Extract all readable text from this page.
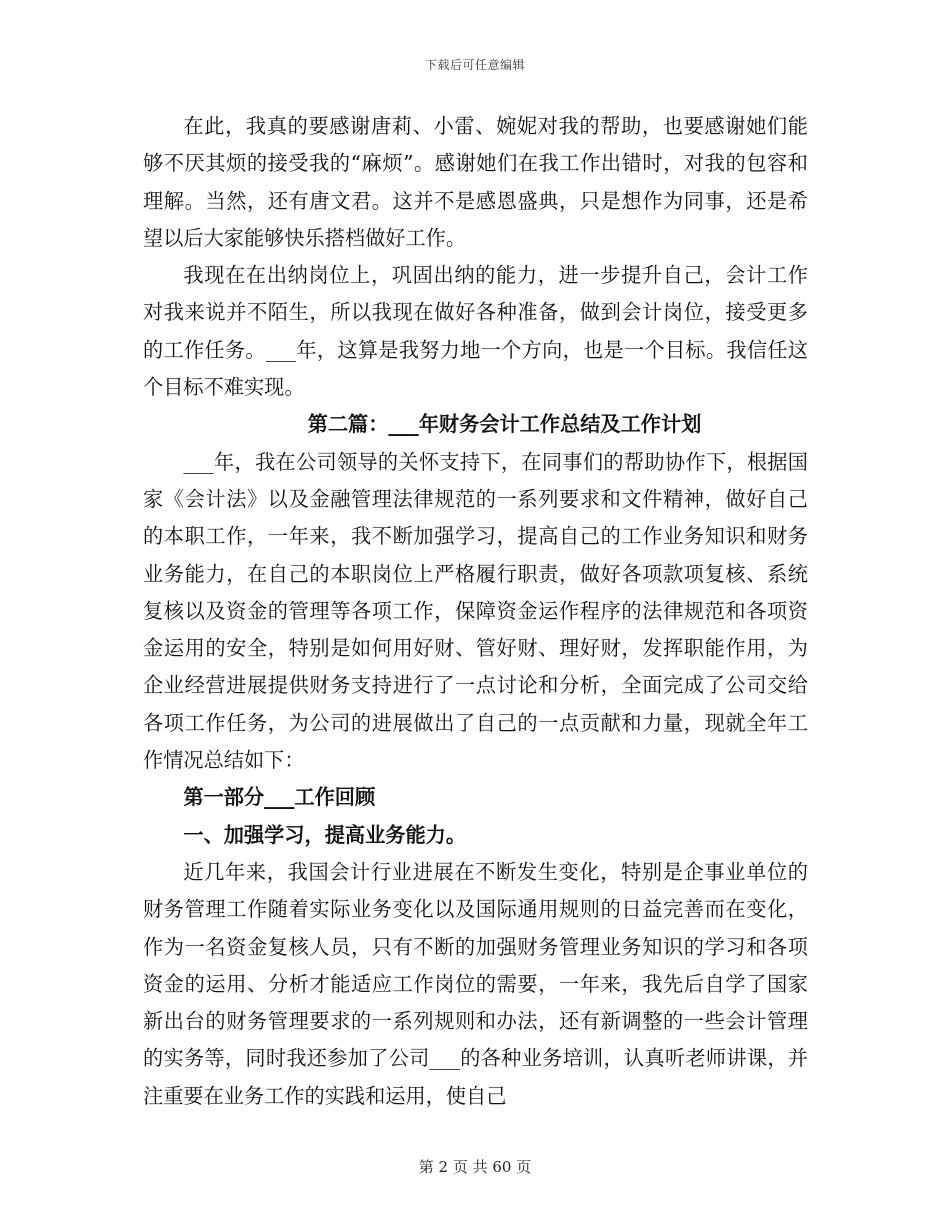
下载后可任意编辑

在此，我真的要感谢唐莉、小雷、婉妮对我的帮助，也要感谢她们能够不厌其烦的接受我的“麻烦”。感谢她们在我工作出错时，对我的包容和理解。当然，还有唐文君。这并不是感恩盛典，只是想作为同事，还是希望以后大家能够快乐搭档做好工作。

我现在在出纳岗位上，巩固出纳的能力，进一步提升自己，会计工作对我来说并不陌生，所以我现在做好各种准备，做到会计岗位，接受更多的工作任务。___年，这算是我努力地一个方向，也是一个目标。我信任这个目标不难实现。

第二篇：___年财务会计工作总结及工作计划

___年，我在公司领导的关怀支持下，在同事们的帮助协作下，根据国家《会计法》以及金融管理法律规范的一系列要求和文件精神，做好自己的本职工作，一年来，我不断加强学习，提高自己的工作业务知识和财务业务能力，在自己的本职岗位上严格履行职责，做好各项款项复核、系统复核以及资金的管理等各项工作，保障资金运作程序的法律规范和各项资金运用的安全，特别是如何用好财、管好财、理好财，发挥职能作用，为企业经营进展提供财务支持进行了一点讨论和分析，全面完成了公司交给各项工作任务，为公司的进展做出了自己的一点贡献和力量，现就全年工作情况总结如下：

第一部分___工作回顾

一、加强学习，提高业务能力。

近几年来，我国会计行业进展在不断发生变化，特别是企事业单位的财务管理工作随着实际业务变化以及国际通用规则的日益完善而在变化，作为一名资金复核人员，只有不断的加强财务管理业务知识的学习和各项资金的运用、分析才能适应工作岗位的需要，一年来，我先后自学了国家新出台的财务管理要求的一系列规则和办法，还有新调整的一些会计管理的实务等，同时我还参加了公司___的各种业务培训，认真听老师讲课，并注重要在业务工作的实践和运用，使自己

第 2 页 共 60 页
